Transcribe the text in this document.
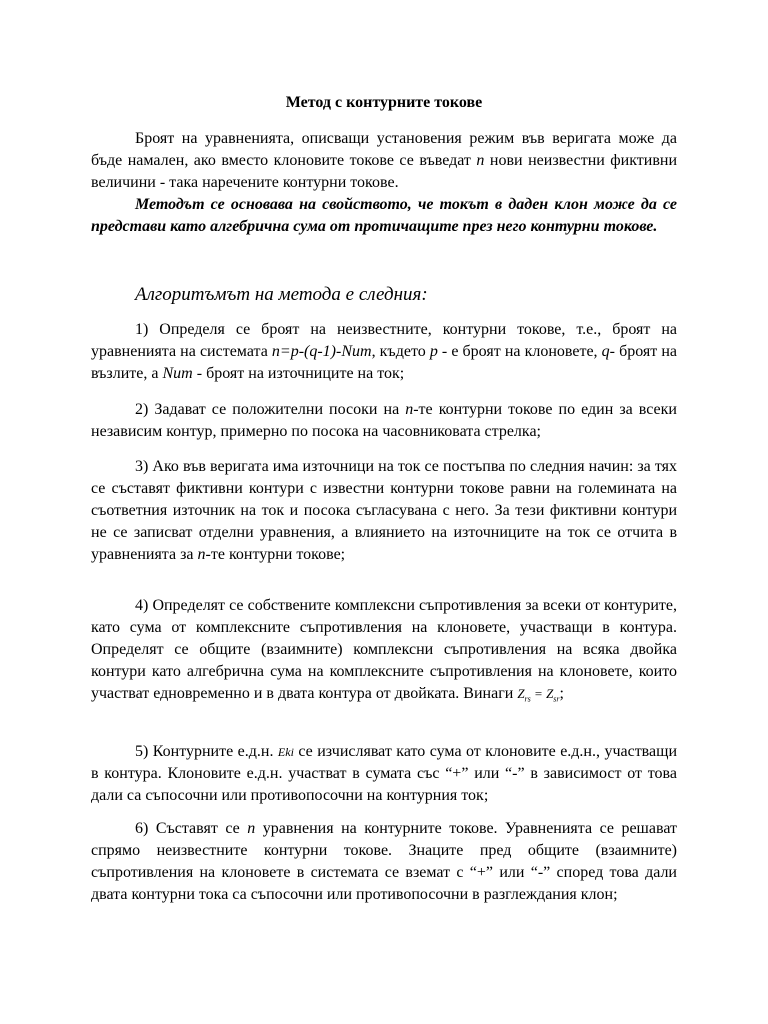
Метод с контурните токове
Броят на уравненията, описващи установения режим във веригата може да бъде намален, ако вместо клоновите токове се въведат n нови неизвестни фиктивни величини - така наречените контурни токове.
Методът се основава на свойството, че токът в даден клон може да се представи като алгебрична сума от протичащите през него контурни токове.
Алгоритъмът на метода е следния:
1) Определя се броят на неизвестните, контурни токове, т.е., броят на уравненията на системата n=p-(q-1)-Nит, където p - е броят на клоновете, q- броят на възлите, а Nит - броят на източниците на ток;
2) Задават се положителни посоки на n-те контурни токове по един за всеки независим контур, примерно по посока на часовниковата стрелка;
3) Ако във веригата има източници на ток се постъпва по следния начин: за тях се съставят фиктивни контури с известни контурни токове равни на големината на съответния източник на ток и посока съгласувана с него. За тези фиктивни контури не се записват отделни уравнения, а влиянието на източниците на ток се отчита в уравненията за n-те контурни токове;
4) Определят се собствените комплексни съпротивления за всеки от контурите, като сума от комплексните съпротивления на клоновете, участващи в контура. Определят се общите (взаимните) комплексни съпротивления на всяка двойка контури като алгебрична сума на комплексните съпротивления на клоновете, които участват едновременно и в двата контура от двойката. Винаги $Z_{rs} = Z_{sr}$;
5) Контурните е.д.н. Eki се изчисляват като сума от клоновите е.д.н., участващи в контура. Клоновите е.д.н. участват в сумата със “+” или “-” в зависимост от това дали са съпосочни или противопосочни на контурния ток;
6) Съставят се n уравнения на контурните токове. Уравненията се решават спрямо неизвестните контурни токове. Знаците пред общите (взаимните) съпротивления на клоновете в системата се вземат с “+” или “-” според това дали двата контурни тока са съпосочни или противопосочни в разглеждания клон;
